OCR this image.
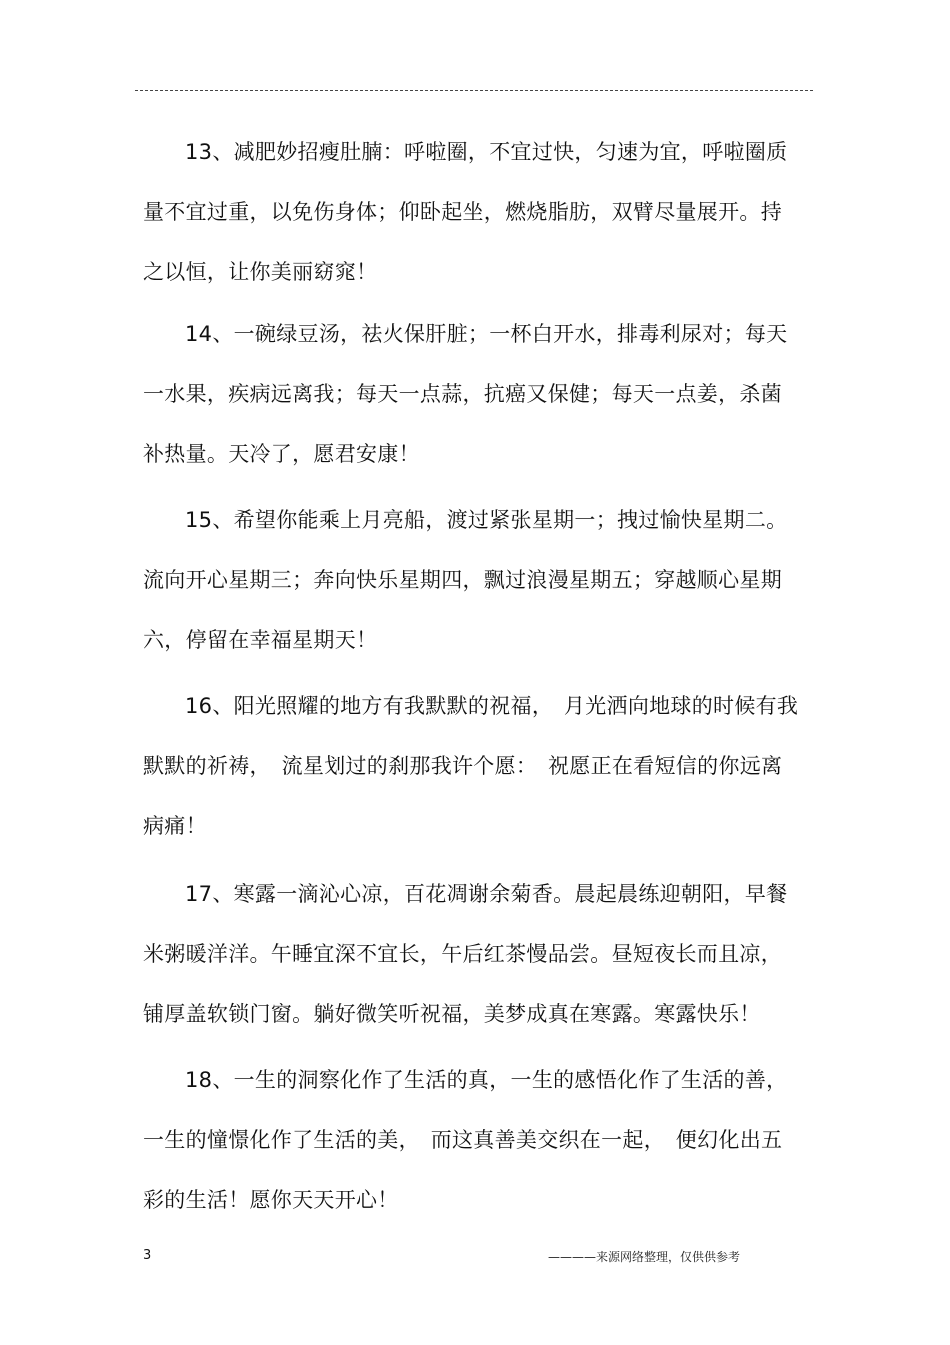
13、减肥妙招瘦肚腩：呼啦圈，不宜过快，匀速为宜，呼啦圈质量不宜过重，以免伤身体；仰卧起坐，燃烧脂肪，双臂尽量展开。持之以恒，让你美丽窈窕！

14、一碗绿豆汤，祛火保肝脏；一杯白开水，排毒利尿对；每天一水果，疾病远离我；每天一点蒜，抗癌又保健；每天一点姜，杀菌补热量。天冷了，愿君安康！

15、希望你能乘上月亮船，渡过紧张星期一；拽过愉快星期二。流向开心星期三；奔向快乐星期四，飘过浪漫星期五；穿越顺心星期六，停留在幸福星期天！

16、阳光照耀的地方有我默默的祝福，　月光洒向地球的时候有我默默的祈祷，　流星划过的刹那我许个愿：　祝愿正在看短信的你远离病痛！

17、寒露一滴沁心凉，百花凋谢余菊香。晨起晨练迎朝阳，早餐米粥暖洋洋。午睡宜深不宜长，午后红茶慢品尝。昼短夜长而且凉，铺厚盖软锁门窗。躺好微笑听祝福，美梦成真在寒露。寒露快乐！

18、一生的洞察化作了生活的真，一生的感悟化作了生活的善，一生的憧憬化作了生活的美，　而这真善美交织在一起，　便幻化出五彩的生活！愿你天天开心！

3	————来源网络整理，仅供供参考
